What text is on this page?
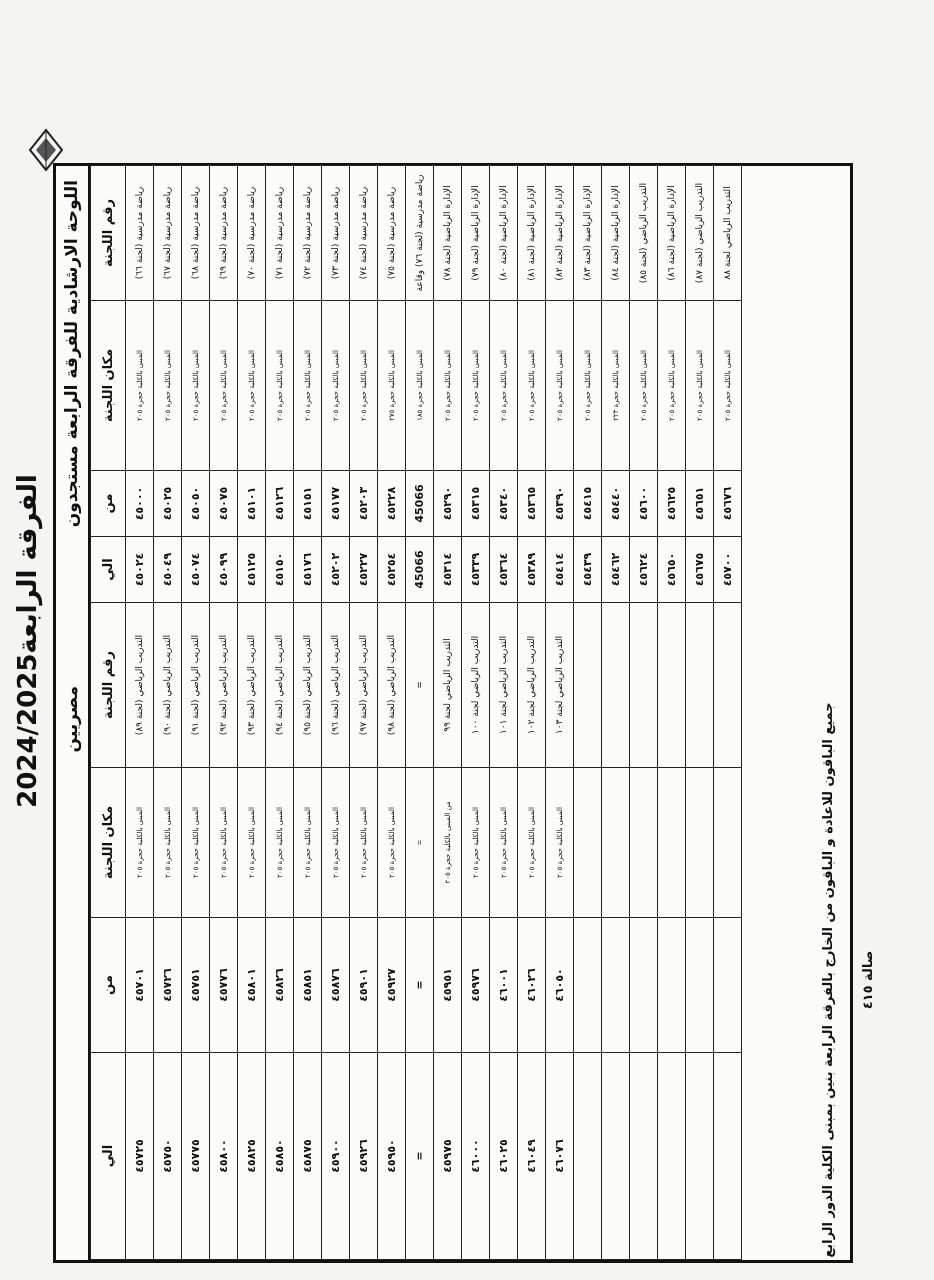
الفرقة الرابعة2024/2025
اللوحة الارشادية للفرقة الرابعة مستجدون
مصريين
رقم اللجنة	مكان اللجنة	من	الي	رقم اللجنة	مكان اللجنة	من	الي
رياضة مدرسية (لجنة ٦٦)	المبنى بالكلية حجرة ٢٠٥	٤٥٠٠٠	٤٥٠٢٤	التدريب الرياضي (لجنة ٨٩)	المبنى بالكلية حجرة ٢٠٥	٤٥٧٠١	٤٥٧٢٥
رياضة مدرسية (لجنة ٦٧)	المبنى بالكلية حجرة ٢٠٥	٤٥٠٢٥	٤٥٠٤٩	التدريب الرياضي (لجنة ٩٠)	المبنى بالكلية حجرة ٢٠٥	٤٥٧٢٦	٤٥٧٥٠
رياضة مدرسية (لجنة ٦٨)	المبنى بالكلية حجرة ٢٠٥	٤٥٠٥٠	٤٥٠٧٤	التدريب الرياضي (لجنة ٩١)	المبنى بالكلية حجرة ٢٠٥	٤٥٧٥١	٤٥٧٧٥
رياضة مدرسية (لجنة ٦٩)	المبنى بالكلية حجرة ٢٠٥	٤٥٠٧٥	٤٥٠٩٩	التدريب الرياضي (لجنة ٩٢)	المبنى بالكلية حجرة ٢٠٥	٤٥٧٧٦	٤٥٨٠٠
رياضة مدرسية (لجنة ٧٠)	المبنى بالكلية حجرة ٢٠٥	٤٥١٠١	٤٥١٢٥	التدريب الرياضي (لجنة ٩٣)	المبنى بالكلية حجرة ٢٠٥	٤٥٨٠١	٤٥٨٢٥
رياضة مدرسية (لجنة ٧١)	المبنى بالكلية حجرة ٢٠٥	٤٥١٢٦	٤٥١٥٠	التدريب الرياضي (لجنة ٩٤)	المبنى بالكلية حجرة ٢٠٥	٤٥٨٢٦	٤٥٨٥٠
رياضة مدرسية (لجنة ٧٢)	المبنى بالكلية حجرة ٢٠٥	٤٥١٥١	٤٥١٧٦	التدريب الرياضي (لجنة ٩٥)	المبنى بالكلية حجرة ٢٠٥	٤٥٨٥١	٤٥٨٧٥
رياضة مدرسية (لجنة ٧٣)	المبنى بالكلية حجرة ٢٠٥	٤٥١٧٧	٤٥٢٠٢	التدريب الرياضي (لجنة ٩٦)	المبنى بالكلية حجرة ٢٠٥	٤٥٨٧٦	٤٥٩٠٠
رياضة مدرسية (لجنة ٧٤)	المبنى بالكلية حجرة ٢٠٥	٤٥٢٠٣	٤٥٢٢٧	التدريب الرياضي (لجنة ٩٧)	المبنى بالكلية حجرة ٢٠٥	٤٥٩٠١	٤٥٩٢٦
رياضة مدرسية (لجنة ٧٥)	المبنى بالكلية حجرة ٢٧٥	٤٥٢٢٨	٤٥٢٥٤	التدريب الرياضي (لجنة ٩٨)	المبنى بالكلية حجرة ٢٠٥	٤٥٩٢٧	٤٥٩٥٠
رياضة مدرسية (لجنة ٧٦) وقاعة	المبنى بالكلية حجرة ١٨٥	45066	45066	=	=	=	=
الإدارة الرياضية (لجنة ٧٨)	المبنى بالكلية حجرة ٢٠٥	٤٥٢٩٠	٤٥٣١٤	التدريب الرياضي لجنة ٩٩	من المبنى بالكلية حجرة ٢٠٥	٤٥٩٥١	٤٥٩٧٥
الإدارة الرياضية (لجنة ٧٩)	المبنى بالكلية حجرة ٢٠٥	٤٥٣١٥	٤٥٣٣٩	التدريب الرياضي لجنة ١٠٠	المبنى بالكلية حجرة ٢٠٥	٤٥٩٧٦	٤٦٠٠٠
الإدارة الرياضية (لجنة ٨٠)	المبنى بالكلية حجرة ٢٠٥	٤٥٣٤٠	٤٥٣٦٤	التدريب الرياضي لجنة ١٠١	المبنى بالكلية حجرة ٢٠٥	٤٦٠٠١	٤٦٠٢٥
الإدارة الرياضية (لجنة ٨١)	المبنى بالكلية حجرة ٢٠٥	٤٥٣٦٥	٤٥٣٨٩	التدريب الرياضي لجنة ١٠٢	المبنى بالكلية حجرة ٢٠٥	٤٦٠٢٦	٤٦٠٤٩
الإدارة الرياضية (لجنة ٨٢)	المبنى بالكلية حجرة ٢٠٥	٤٥٣٩٠	٤٥٤١٤	التدريب الرياضي لجنة ١٠٣	المبنى بالكلية حجرة ٢٠٥	٤٦٠٥٠	٤٦٠٧٦
الإدارة الرياضية (لجنة ٨٣)	المبنى بالكلية حجرة ٢٠٥	٤٥٤١٥	٤٥٤٣٩				
الإدارة الرياضية (لجنة ٨٤)	المبنى بالكلية حجرة ٢٢٣	٤٥٤٤٠	٤٥٤٦٢				
التدريب الرياضي (لجنة ٨٥)	المبنى بالكلية حجرة ٢٠٥	٤٥٦٠٠	٤٥٦٢٤				
الإدارة الرياضية (لجنة ٨٦)	المبنى بالكلية حجرة ٢٠٥	٤٥٦٢٥	٤٥٦٥٠				
التدريب الرياضي (لجنة ٨٧)	المبنى بالكلية حجرة ٢٠٥	٤٥٦٥١	٤٥٦٧٥				
التدريب الرياضي لجنة ٨٨	المبنى بالكلية حجرة ٢٠٥	٤٥٦٧٦	٤٥٧٠٠				
جميع الباقون للاعادة و الباقون من الخارج بالفرقة الرابعة بنين بمبنى الكلية الدور الرابع صالة ٤١٥
